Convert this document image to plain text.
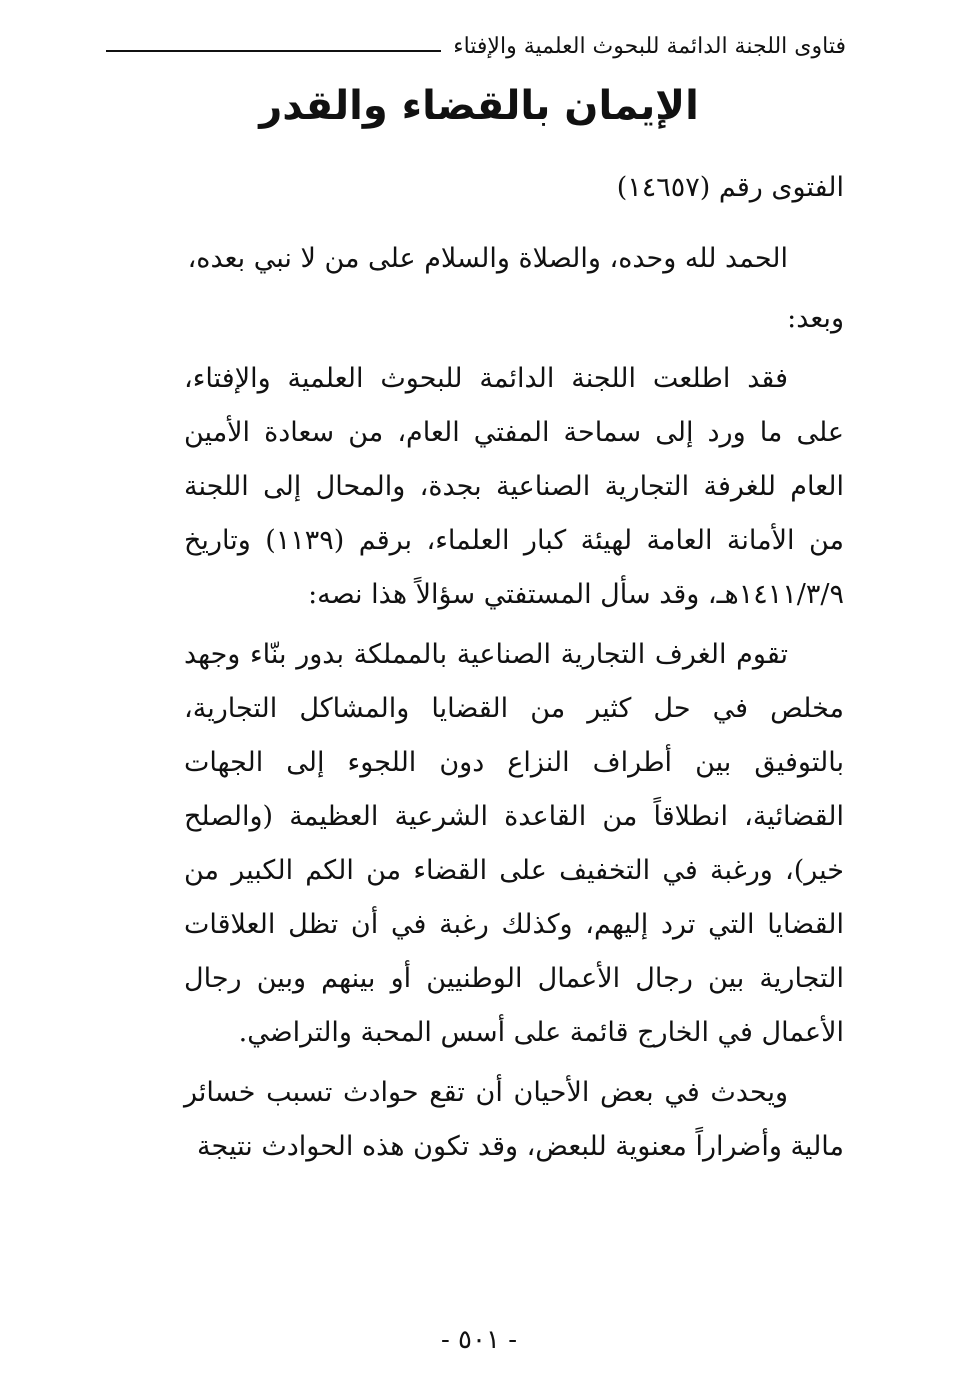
فتاوى اللجنة الدائمة للبحوث العلمية والإفتاء
الإيمان بالقضاء والقدر
الفتوى رقم (١٤٦٥٧)

الحمد لله وحده، والصلاة والسلام على من لا نبي بعده،

وبعد:

فقد اطلعت اللجنة الدائمة للبحوث العلمية والإفتاء، على ما ورد إلى سماحة المفتي العام، من سعادة الأمين العام للغرفة التجارية الصناعية بجدة، والمحال إلى اللجنة من الأمانة العامة لهيئة كبار العلماء، برقم (١١٣٩) وتاريخ ١٤١١/٣/٩هـ، وقد سأل المستفتي سؤالاً هذا نصه:

تقوم الغرف التجارية الصناعية بالمملكة بدور بنّاء وجهد مخلص في حل كثير من القضايا والمشاكل التجارية، بالتوفيق بين أطراف النزاع دون اللجوء إلى الجهات القضائية، انطلاقاً من القاعدة الشرعية العظيمة (والصلح خير)، ورغبة في التخفيف على القضاء من الكم الكبير من القضايا التي ترد إليهم، وكذلك رغبة في أن تظل العلاقات التجارية بين رجال الأعمال الوطنيين أو بينهم وبين رجال الأعمال في الخارج قائمة على أسس المحبة والتراضي.

ويحدث في بعض الأحيان أن تقع حوادث تسبب خسائر مالية وأضراراً معنوية للبعض، وقد تكون هذه الحوادث نتيجة

- ٥٠١ -
